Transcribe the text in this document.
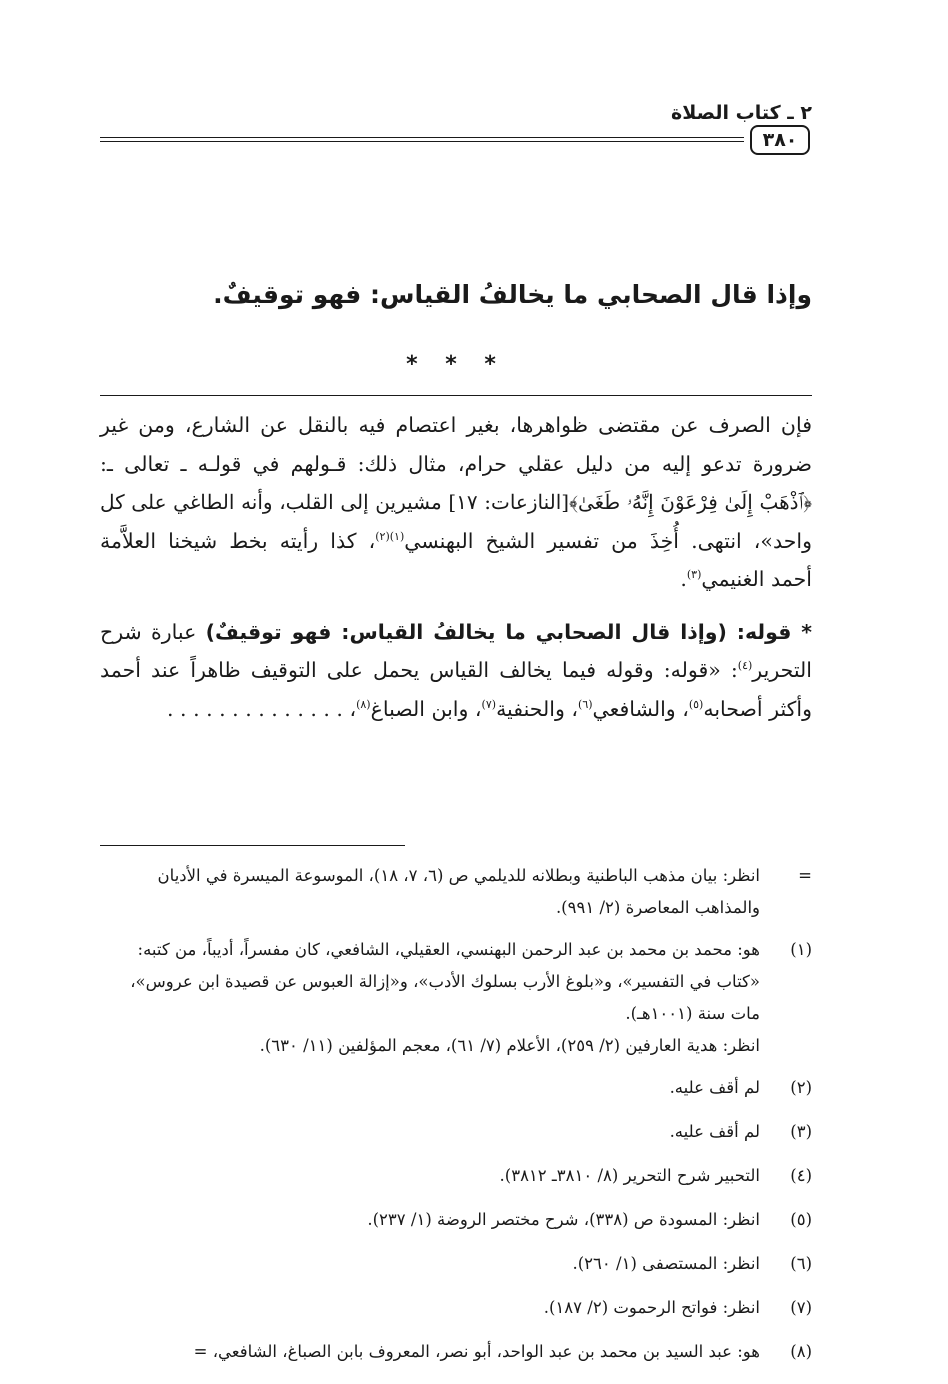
٢ ـ كتاب الصلاة
٣٨٠
وإذا قال الصحابي ما يخالفُ القياس: فهو توقيفٌ.
* * *
فإن الصرف عن مقتضى ظواهرها، بغير اعتصام فيه بالنقل عن الشارع، ومن غير
ضرورة تدعو إليه من دليل عقلي حرام، مثال ذلك: قـولهم في قولـه ـ تعالى ـ:
﴿ٱذْهَبْ إِلَىٰ فِرْعَوْنَ إِنَّهُۥ طَغَىٰ﴾[النازعات: ١٧] مشيرين إلى القلب، وأنه الطاغي على كل
واحد»، انتهى. أُخِذَ من تفسير الشيخ البهنسي$^{(١)(٢)}$، كذا رأيته بخط شيخنا العلاَّمة
أحمد الغنيمي$^{(٣)}$.
* قوله: (وإذا قال الصحابي ما يخالفُ القياس: فهو توقيفٌ) عبارة شرح
التحرير$^{(٤)}$: «قوله: وقوله فيما يخالف القياس يحمل على التوقيف ظاهراً عند أحمد
وأكثر أصحابه$^{(٥)}$، والشافعي$^{(٦)}$، والحنفية$^{(٧)}$، وابن الصباغ$^{(٨)}$، . . . . . . . . . . . . . .
=
انظر: بيان مذهب الباطنية وبطلانه للديلمي ص (٦، ٧، ١٨)، الموسوعة الميسرة في الأديان والمذاهب المعاصرة (٢/ ٩٩١).
(١)
هو: محمد بن محمد بن عبد الرحمن البهنسي، العقيلي، الشافعي، كان مفسراً، أديباً، من كتبه: «كتاب في التفسير»، و«بلوغ الأرب بسلوك الأدب»، و«إزالة العبوس عن قصيدة ابن عروس»، مات سنة (١٠٠١هـ).
انظر: هدية العارفين (٢/ ٢٥٩)، الأعلام (٧/ ٦١)، معجم المؤلفين (١١/ ٦٣٠).
(٢)
لم أقف عليه.
(٣)
لم أقف عليه.
(٤)
التحبير شرح التحرير (٨/ ٣٨١٠ـ ٣٨١٢).
(٥)
انظر: المسودة ص (٣٣٨)، شرح مختصر الروضة (١/ ٢٣٧).
(٦)
انظر: المستصفى (١/ ٢٦٠).
(٧)
انظر: فواتح الرحموت (٢/ ١٨٧).
(٨)
هو: عبد السيد بن محمد بن عبد الواحد، أبو نصر، المعروف بابن الصباغ، الشافعي، =
